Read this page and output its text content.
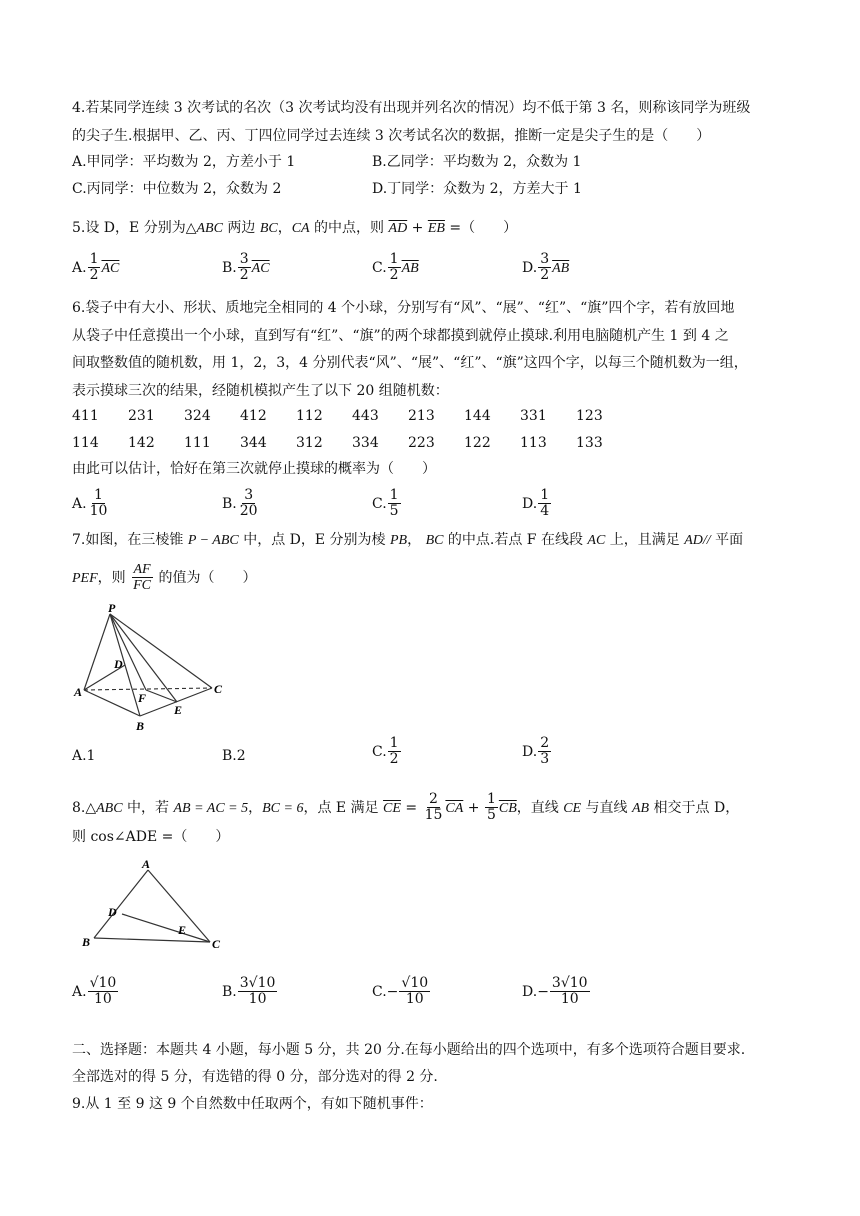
4.若某同学连续 3 次考试的名次（3 次考试均没有出现并列名次的情况）均不低于第 3 名，则称该同学为班级
的尖子生.根据甲、乙、丙、丁四位同学过去连续 3 次考试名次的数据，推断一定是尖子生的是（　　）
A.甲同学：平均数为 2，方差小于 1	B.乙同学：平均数为 2，众数为 1
C.丙同学：中位数为 2，众数为 2	D.丁同学：众数为 2，方差大于 1
5.设 D，E 分别为△ABC 两边 BC，CA 的中点，则 $\overline{AD} + \overline{EB}$ =（　　）
A. $\frac{1}{2} \overline{AC}$	B. $\frac{3}{2} \overline{AC}$	C. $\frac{1}{2} \overline{AB}$	D. $\frac{3}{2} \overline{AB}$
6.袋子中有大小、形状、质地完全相同的 4 个小球，分别写有“风”、“展”、“红”、“旗”四个字，若有放回地
从袋子中任意摸出一个小球，直到写有“红”、“旗”的两个球都摸到就停止摸球.利用电脑随机产生 1 到 4 之
间取整数值的随机数，用 1，2，3，4 分别代表“风”、“展”、“红”、“旗”这四个字，以每三个随机数为一组，
表示摸球三次的结果，经随机模拟产生了以下 20 组随机数：
411	231	324	412	112	443	213	144	331	123
114	142	111	344	312	334	223	122	113	133
由此可以估计，恰好在第三次就停止摸球的概率为（　　）
A. $\frac{1}{10}$	B. $\frac{3}{20}$	C. $\frac{1}{5}$	D. $\frac{1}{4}$
7.如图，在三棱锥 P − ABC 中，点 D，E 分别为棱 PB， BC 的中点.若点 F 在线段 AC 上，且满足 AD// 平面
PEF，则 $\frac{AF}{FC}$ 的值为（　　）
P
D
A	F
C
B
E
A.1	B.2	C. $\frac{1}{2}$	D. $\frac{2}{3}$
8.△ABC 中，若 AB = AC = 5，BC = 6，点 E 满足 $\overline{CE} = \frac{2}{15} \overline{CA} + \frac{1}{5} \overline{CB}$，直线 CE 与直线 AB 相交于点 D，
则 cos∠ADE =（　　）
A
D
E
B	C
A. $\frac{√10}{10}$	B. $\frac{3√10}{10}$	$C.- \frac{√10}{10}$	$D.- \frac{3√10}{10}$
二、选择题：本题共 4 小题，每小题 5 分，共 20 分.在每小题给出的四个选项中，有多个选项符合题目要求.
全部选对的得 5 分，有选错的得 0 分，部分选对的得 2 分.
9.从 1 至 9 这 9 个自然数中任取两个，有如下随机事件：
